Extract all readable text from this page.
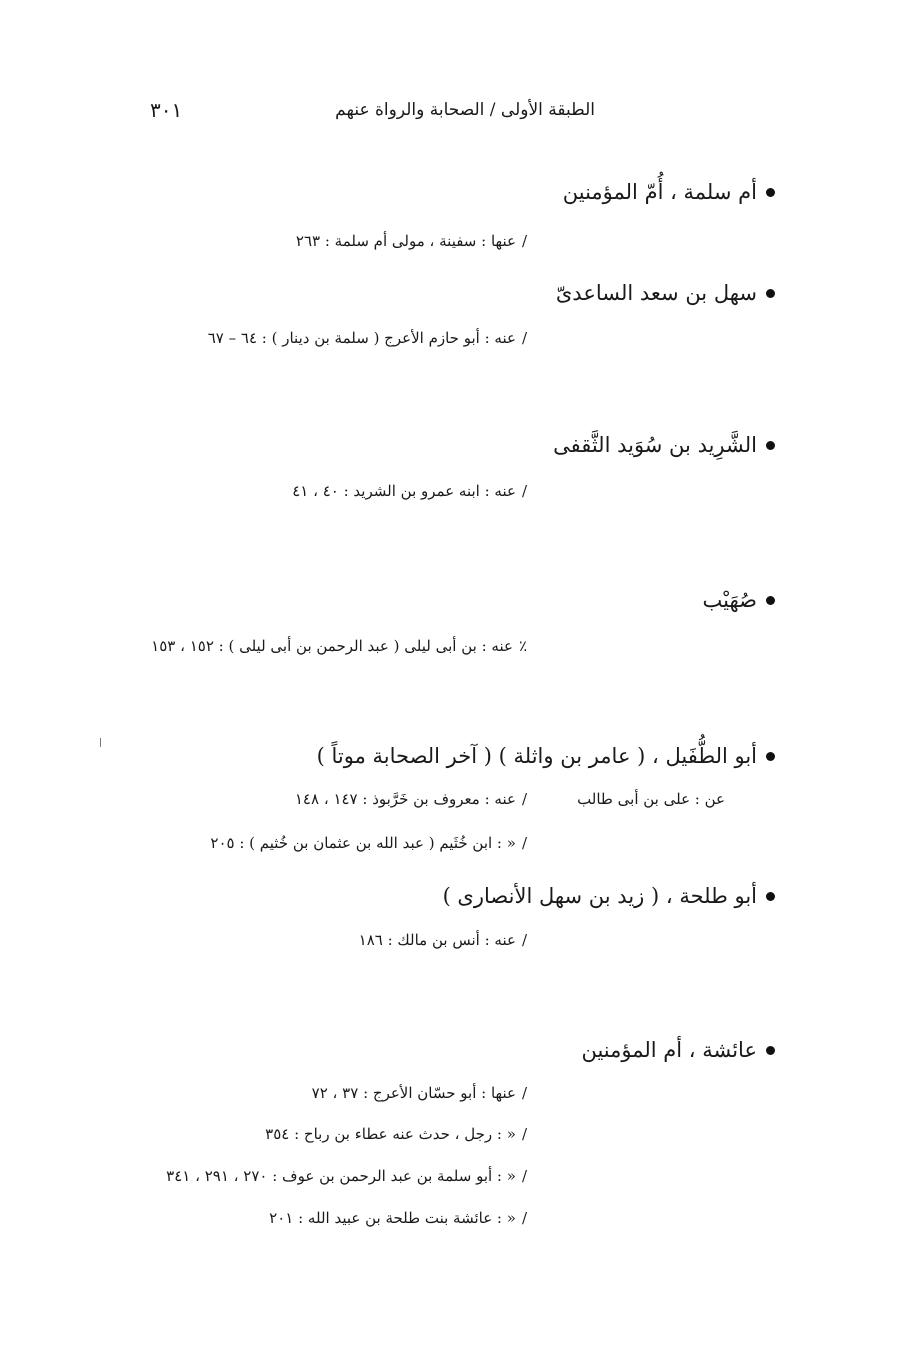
الطبقة الأولى / الصحابة والرواة عنهم
٣٠١
أم سلمة ، أُمّ المؤمنين
/عنها : سفينة ، مولى أم سلمة : ٢٦٣
سهل بن سعد الساعدىّ
/عنه : أبو حازم الأعرج ( سلمة بن دينار ) : ٦٤ – ٦٧
الشَّرِيد بن سُوَيد الثَّقفى
/عنه : ابنه عمرو بن الشريد : ٤٠ ، ٤١
صُهَيْب
٪عنه : بن أبى ليلى ( عبد الرحمن بن أبى ليلى ) : ١٥٢ ، ١٥٣
أبو الطُّفَيل ، ( عامر بن واثلة ) ( آخر الصحابة موتاً )
عن : على بن أبى طالب
/عنه : معروف بن خَرَّبوذ : ١٤٧ ، ١٤٨
/« : ابن خُثَيم ( عبد الله بن عثمان بن خُثيم ) : ٢٠٥
أبو طلحة ، ( زيد بن سهل الأنصارى )
/عنه : أنس بن مالك : ١٨٦
عائشة ، أم المؤمنين
/عنها : أبو حسّان الأعرج : ٣٧ ، ٧٢
/« : رجل ، حدث عنه عطاء بن رباح : ٣٥٤
/« : أبو سلمة بن عبد الرحمن بن عوف : ٢٧٠ ، ٢٩١ ، ٣٤١
/« : عائشة بنت طلحة بن عبيد الله : ٢٠١
